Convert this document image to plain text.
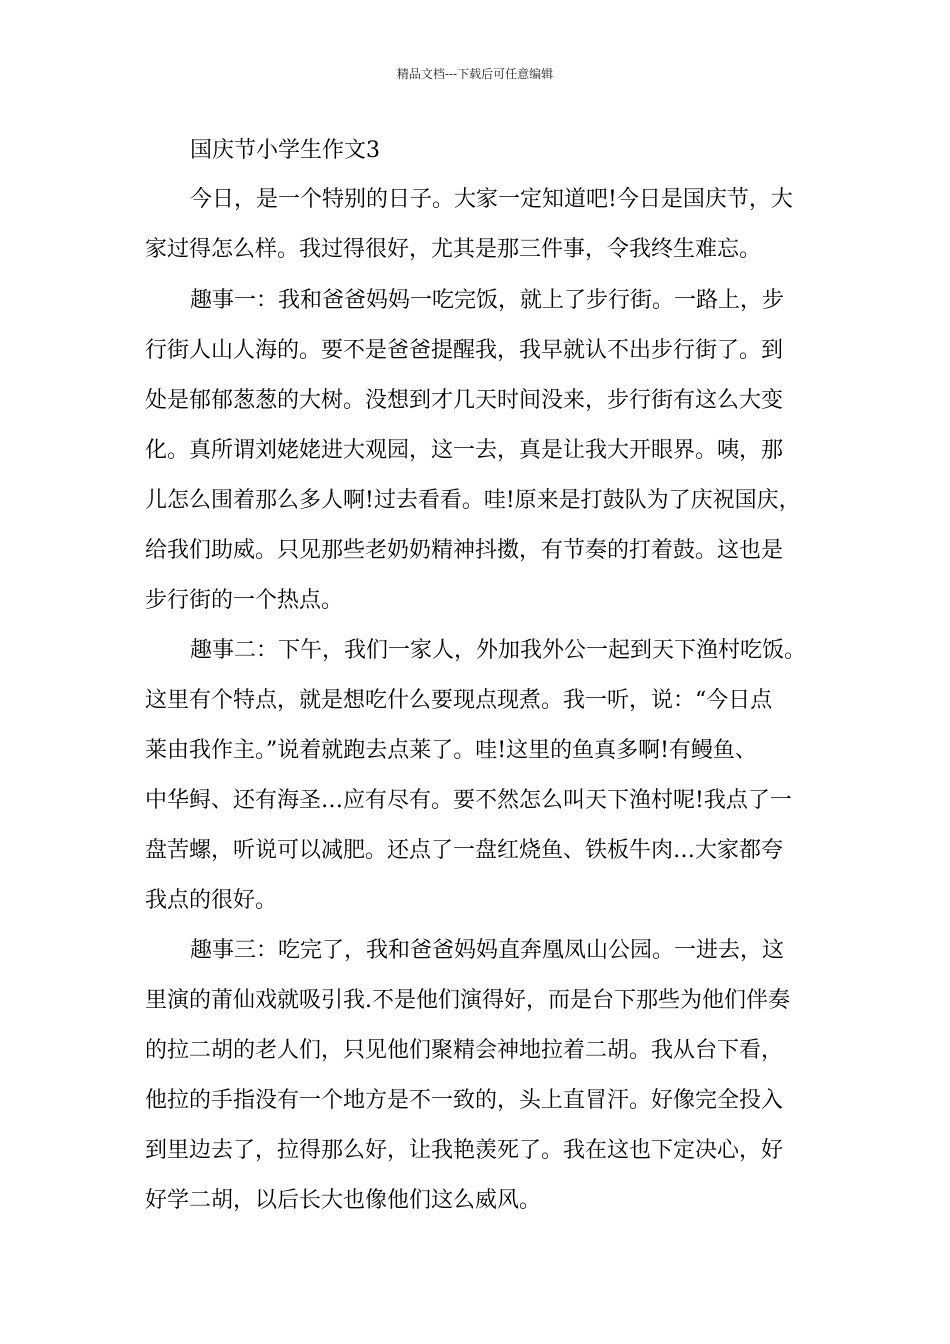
精品文档---下载后可任意编辑
国庆节小学生作文3
今日，是一个特别的日子。大家一定知道吧!今日是国庆节，大
家过得怎么样。我过得很好，尤其是那三件事，令我终生难忘。
趣事一：我和爸爸妈妈一吃完饭，就上了步行街。一路上，步
行街人山人海的。要不是爸爸提醒我，我早就认不出步行街了。到
处是郁郁葱葱的大树。没想到才几天时间没来，步行街有这么大变
化。真所谓刘姥姥进大观园，这一去，真是让我大开眼界。咦，那
儿怎么围着那么多人啊!过去看看。哇!原来是打鼓队为了庆祝国庆，
给我们助威。只见那些老奶奶精神抖擞，有节奏的打着鼓。这也是
步行街的一个热点。
趣事二：下午，我们一家人，外加我外公一起到天下渔村吃饭。
这里有个特点，就是想吃什么要现点现煮。我一听，说：“今日点
莱由我作主。”说着就跑去点莱了。哇!这里的鱼真多啊!有鳗鱼、
中华鲟、还有海圣…应有尽有。要不然怎么叫天下渔村呢!我点了一
盘苦螺，听说可以减肥。还点了一盘红烧鱼、铁板牛肉…大家都夸
我点的很好。
趣事三：吃完了，我和爸爸妈妈直奔凰凤山公园。一进去，这
里演的莆仙戏就吸引我.不是他们演得好，而是台下那些为他们伴奏
的拉二胡的老人们，只见他们聚精会神地拉着二胡。我从台下看，
他拉的手指没有一个地方是不一致的，头上直冒汗。好像完全投入
到里边去了，拉得那么好，让我艳羡死了。我在这也下定决心，好
好学二胡，以后长大也像他们这么威风。
